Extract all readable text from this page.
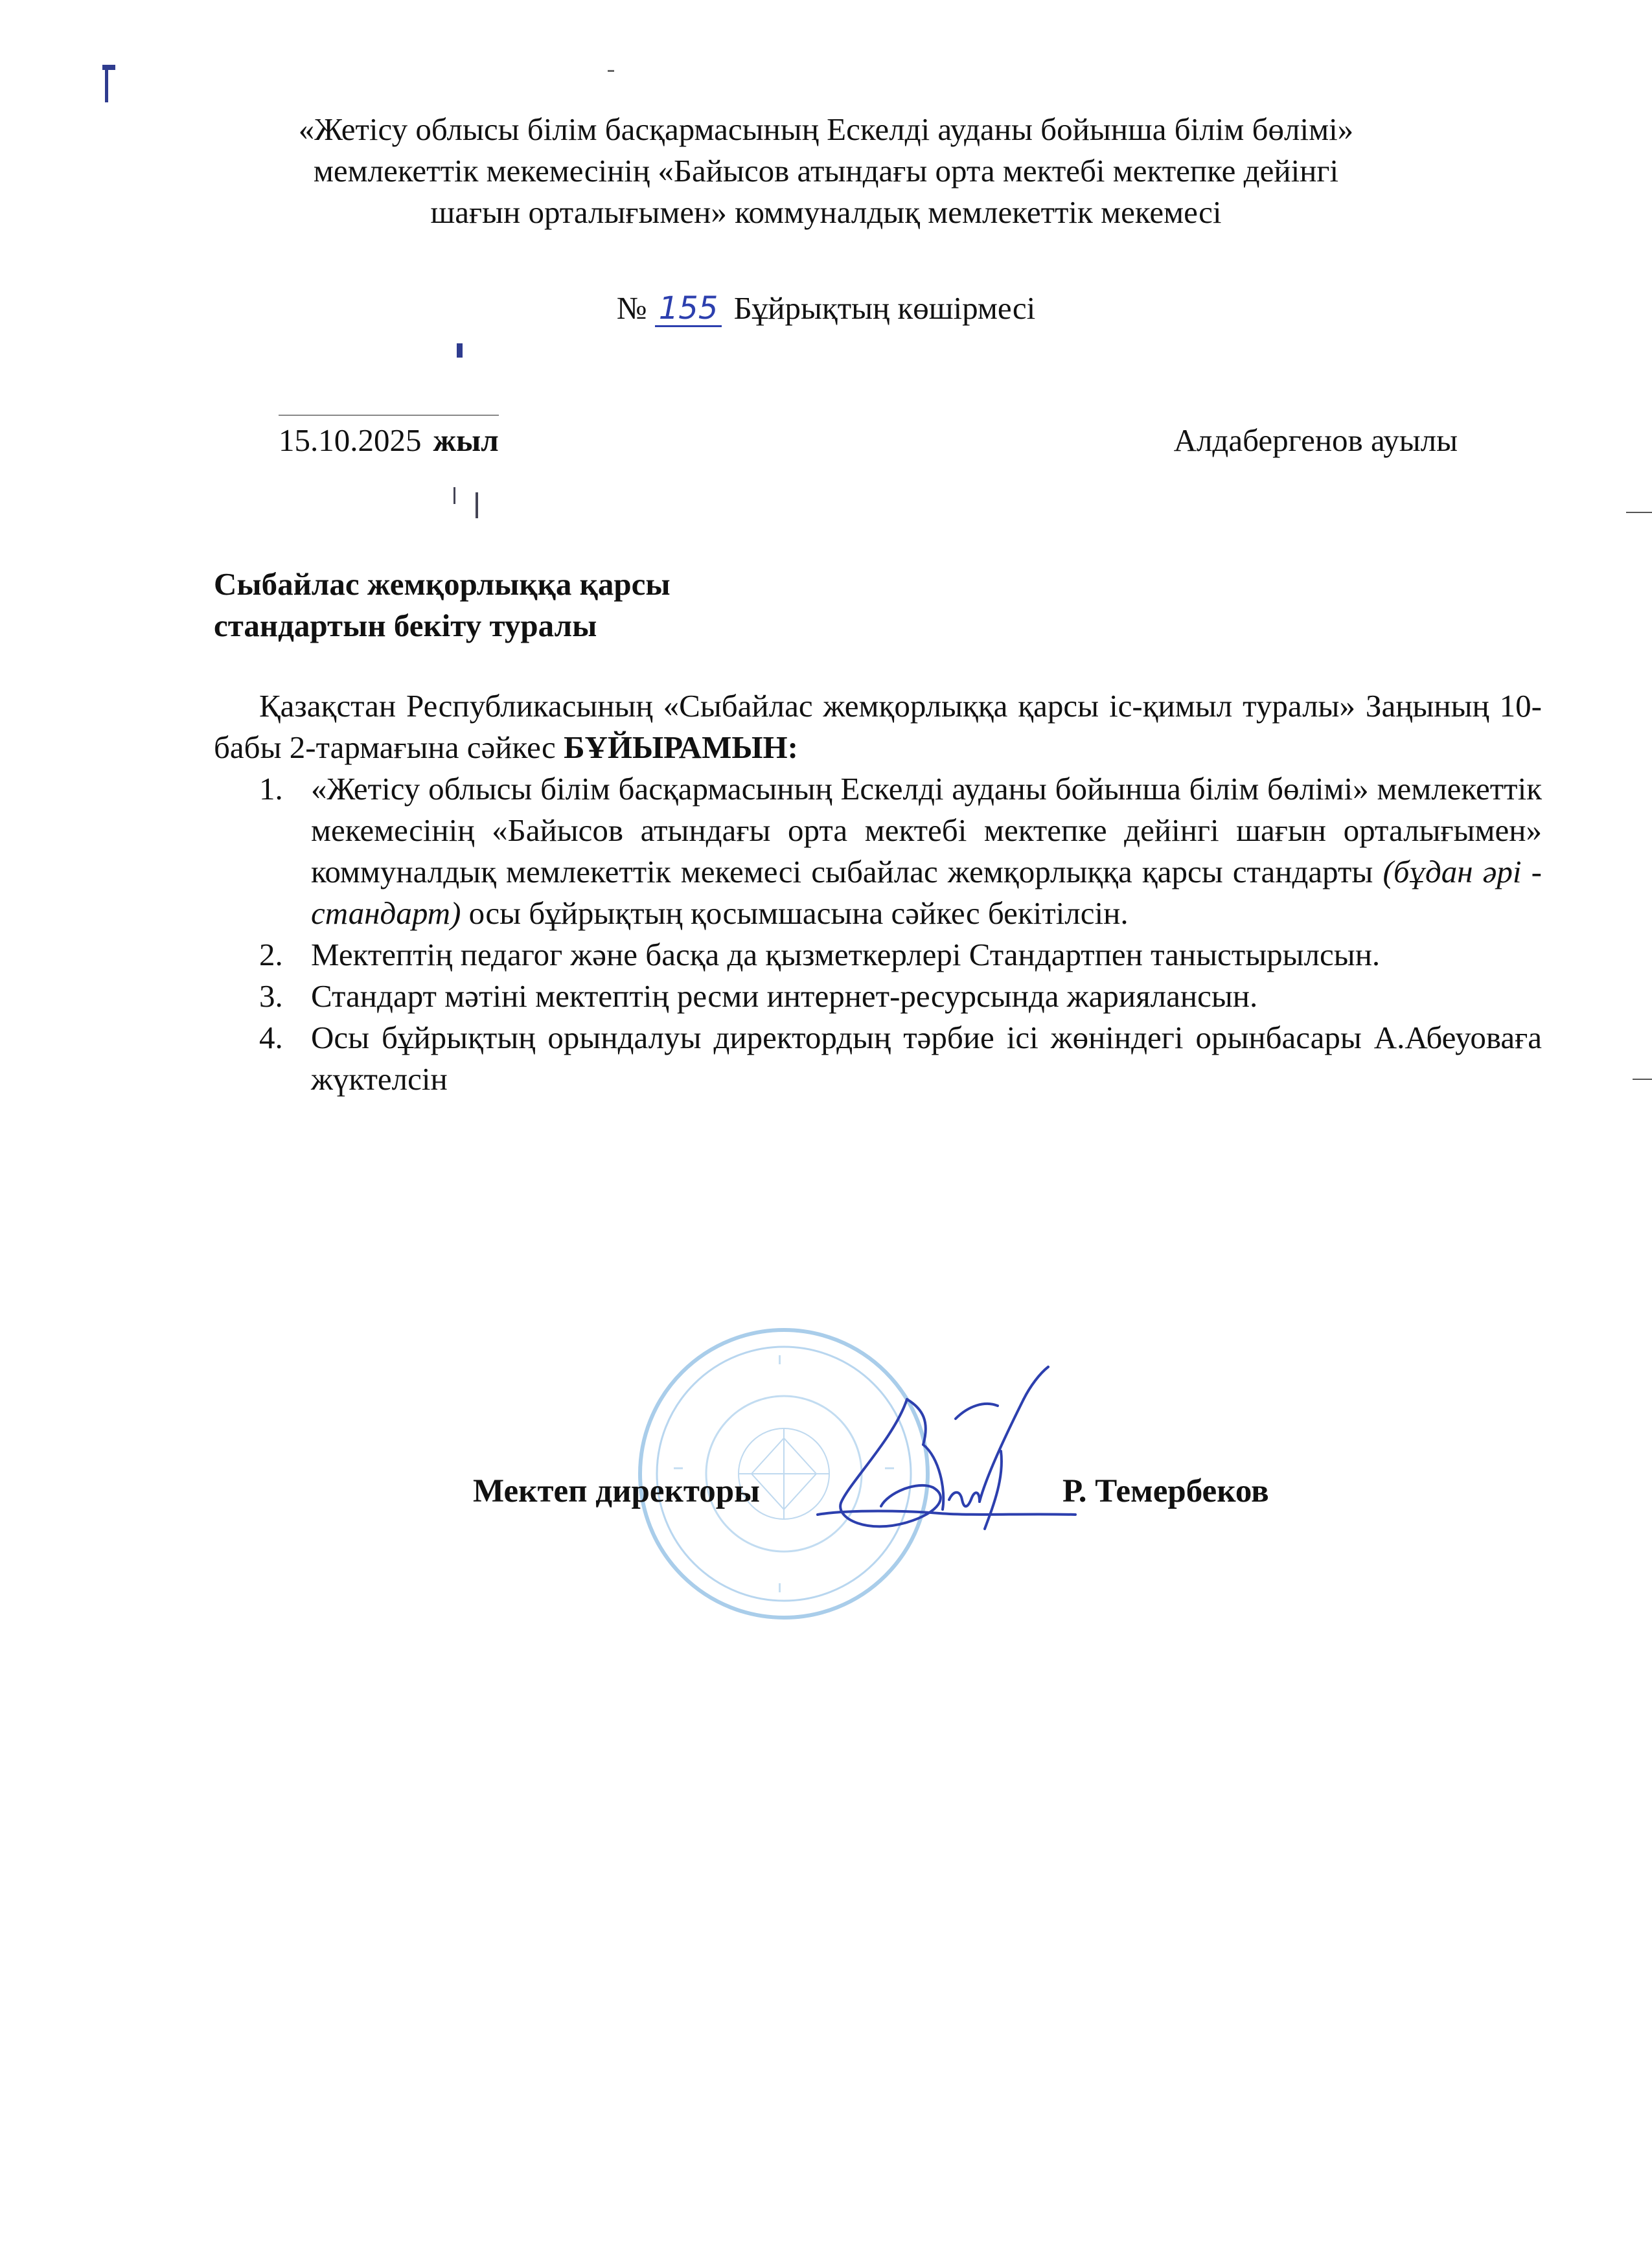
«Жетісу облысы білім басқармасының Ескелді ауданы бойынша білім бөлімі»
мемлекеттік мекемесінің «Байысов атындағы орта мектебі мектепке дейінгі
шағын орталығымен» коммуналдық мемлекеттік мекемесі
№ 155 Бұйрықтың көшірмесі
15.10.2025 жыл	Алдабергенов ауылы
Сыбайлас жемқорлыққа қарсы
стандартын бекіту туралы

Қазақстан Республикасының «Сыбайлас жемқорлыққа қарсы іс-қимыл туралы» Заңының 10-бабы 2-тармағына сәйкес БҰЙЫРАМЫН:

1. «Жетісу облысы білім басқармасының Ескелді ауданы бойынша білім бөлімі» мемлекеттік мекемесінің «Байысов атындағы орта мектебі мектепке дейінгі шағын орталығымен» коммуналдық мемлекеттік мекемесі сыбайлас жемқорлыққа қарсы стандарты (бұдан әрі - стандарт) осы бұйрықтың қосымшасына сәйкес бекітілсін.
2. Мектептің педагог және басқа да қызметкерлері Стандартпен таныстырылсын.
3. Стандарт мәтіні мектептің ресми интернет-ресурсында жариялансын.
4. Осы бұйрықтың орындалуы директордың тәрбие ісі жөніндегі орынбасары А.Абеуоваға жүктелсін
Мектеп директоры	Р. Темербеков
